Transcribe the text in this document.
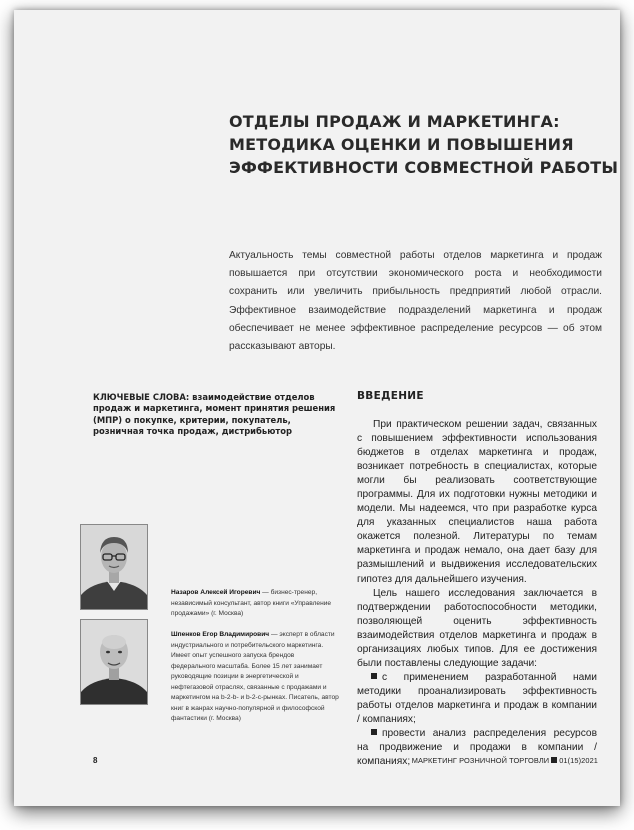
ОТДЕЛЫ ПРОДАЖ И МАРКЕТИНГА:
МЕТОДИКА ОЦЕНКИ И ПОВЫШЕНИЯ
ЭФФЕКТИВНОСТИ СОВМЕСТНОЙ РАБОТЫ
Актуальность темы совместной работы отделов маркетинга и продаж повышается при отсутствии экономического роста и необходимости сохранить или увеличить прибыльность предприятий любой отрасли. Эффективное взаимодействие подразделений маркетинга и продаж обеспечивает не менее эффективное распределение ресурсов — об этом рассказывают авторы.
КЛЮЧЕВЫЕ СЛОВА: взаимодействие отделов продаж и маркетинга, момент принятия решения (МПР) о покупке, критерии, покупатель, розничная точка продаж, дистрибьютор
ВВЕДЕНИЕ

При практическом решении задач, связанных с повышением эффективности использования бюджетов в отделах маркетинга и продаж, возникает потребность в специалистах, которые могли бы реализовать соответствующие программы. Для их подготовки нужны методики и модели. Мы надеемся, что при разработке курса для указанных специалистов наша работа окажется полезной. Литературы по темам маркетинга и продаж немало, она дает базу для размышлений и выдвижения исследовательских гипотез для дальнейшего изучения.

Цель нашего исследования заключается в подтверждении работоспособности методики, позволяющей оценить эффективность взаимодействия отделов маркетинга и продаж в организациях любых типов. Для ее достижения были поставлены следующие задачи:

с применением разработанной нами методики проанализировать эффективность работы отделов маркетинга и продаж в компании / компаниях;

провести анализ распределения ресурсов на продвижение и продажи в компании / компаниях;

Назаров Алексей Игоревич — бизнес-тренер, независимый консультант, автор книги «Управление продажами» (г. Москва)
Шпенков Егор Владимирович — эксперт в области индустриального и потребительского маркетинга. Имеет опыт успешного запуска брендов федерального масштаба. Более 15 лет занимает руководящие позиции в энергетической и нефтегазовой отраслях, связанные с продажами и маркетингом на b-2-b- и b-2-c-рынках. Писатель, автор книг в жанрах научно-популярной и философской фантастики (г. Москва)
8	МАРКЕТИНГ РОЗНИЧНОЙ ТОРГОВЛИ 01(15)2021
